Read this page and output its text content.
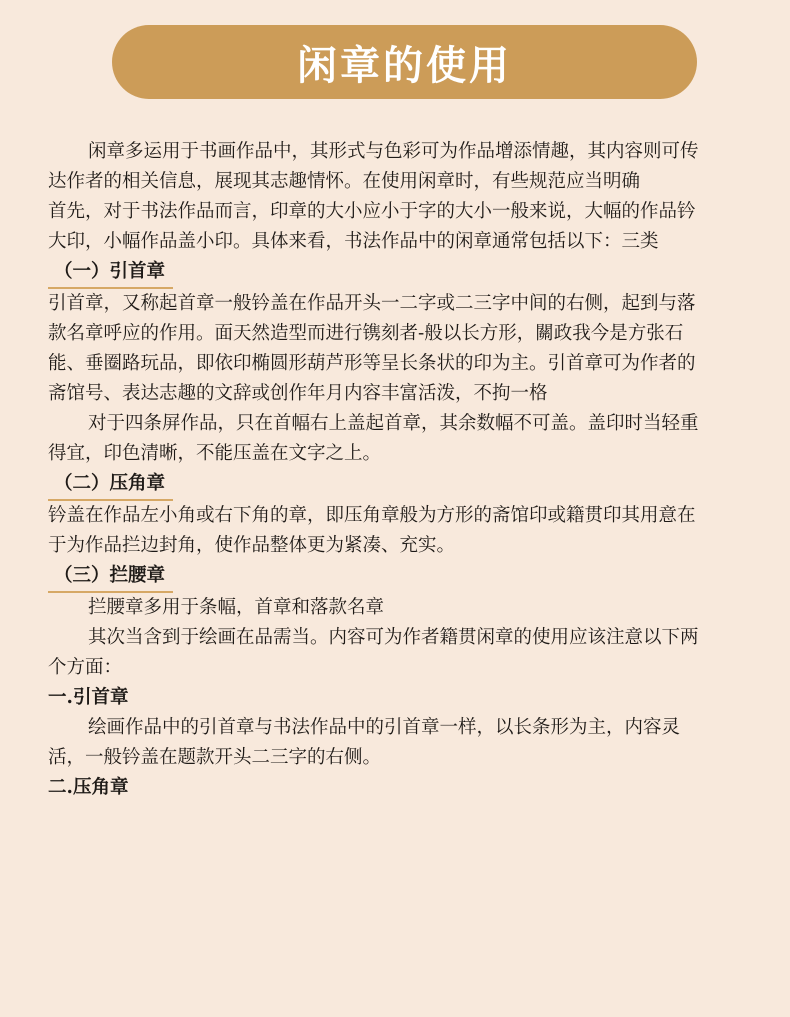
闲章的使用

闲章多运用于书画作品中，其形式与色彩可为作品增添情趣，其内容则可传达作者的相关信息，展现其志趣情怀。在使用闲章时，有些规范应当明确

首先，对于书法作品而言，印章的大小应小于字的大小一般来说，大幅的作品钤大印，小幅作品盖小印。具体来看，书法作品中的闲章通常包括以下：三类

（一）引首章

引首章，又称起首章一般钤盖在作品开头一二字或二三字中间的右侧，起到与落款名章呼应的作用。面天然造型而进行镌刻者-般以长方形，關政我今是方张石能、垂圈路玩品，即依印椭圆形葫芦形等呈长条状的印为主。引首章可为作者的斋馆号、表达志趣的文辞或创作年月内容丰富活泼，不拘一格

对于四条屏作品，只在首幅右上盖起首章，其余数幅不可盖。盖印时当轻重得宜，印色清晰，不能压盖在文字之上。

（二）压角章

钤盖在作品左小角或右下角的章，即压角章般为方形的斋馆印或籍贯印其用意在于为作品拦边封角，使作品整体更为紧凑、充实。

（三）拦腰章

拦腰章多用于条幅，首章和落款名章

其次当含到于绘画在品需当。内容可为作者籍贯闲章的使用应该注意以下两个方面：

一.引首章

绘画作品中的引首章与书法作品中的引首章一样，以长条形为主，内容灵活，一般钤盖在题款开头二三字的右侧。

二.压角章
